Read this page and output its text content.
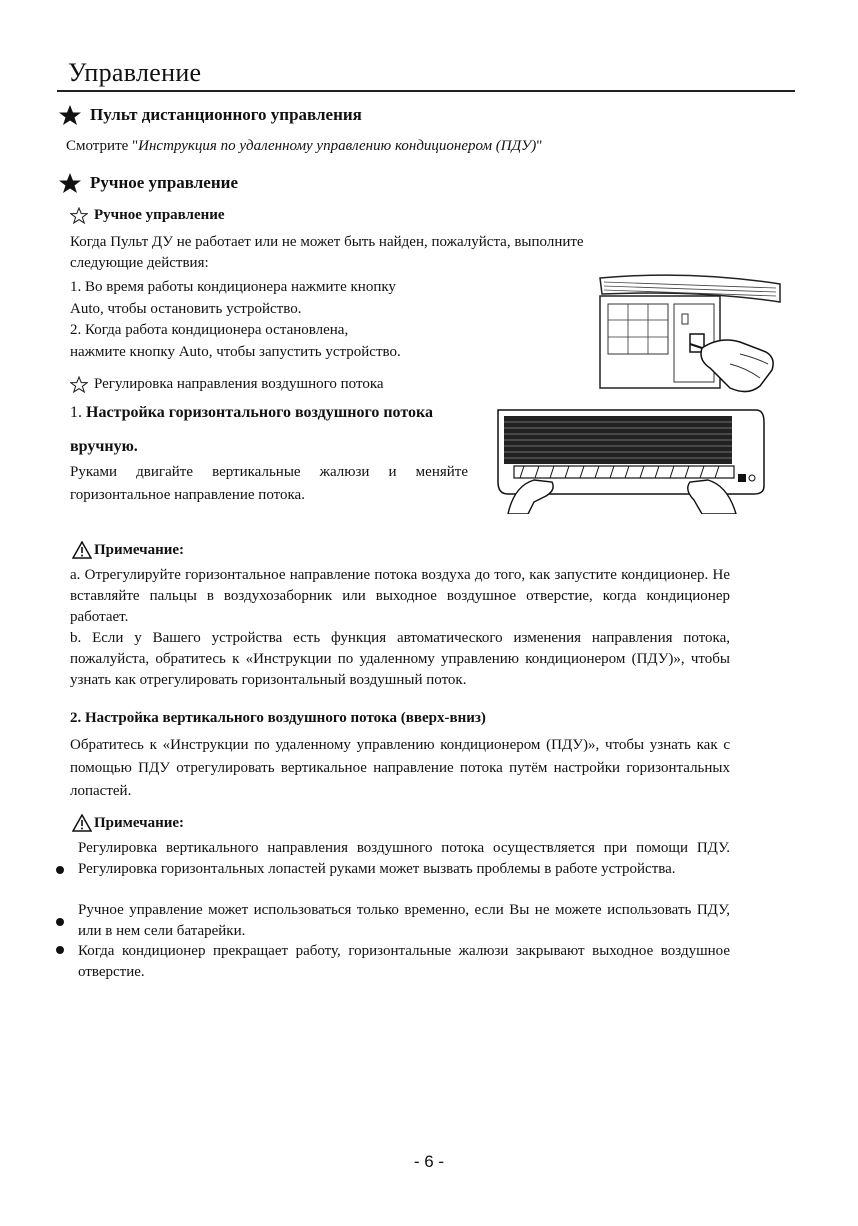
Управление
Пульт дистанционного управления
Смотрите "Инструкция по удаленному управлению кондиционером (ПДУ)"
Ручное управление
Ручное управление
Когда Пульт ДУ не работает или не может быть найден, пожалуйста, выполните
следующие действия:
1. Во время работы кондиционера нажмите кнопку
Auto, чтобы остановить устройство.
2. Когда работа кондиционера остановлена,
нажмите кнопку Auto, чтобы запустить устройство.
Регулировка направления воздушного потока
1. Настройка горизонтального воздушного потока
вручную.
Руками двигайте вертикальные жалюзи и меняйте
горизонтальное направление потока.
Примечание:
a. Отрегулируйте горизонтальное направление потока воздуха до того, как запустите кондиционер. Не вставляйте пальцы в воздухозаборник или выходное воздушное отверстие, когда кондиционер работает.
b. Если у Вашего устройства есть функция автоматического изменения направления потока, пожалуйста, обратитесь к «Инструкции по удаленному управлению кондиционером (ПДУ)», чтобы узнать как отрегулировать горизонтальный воздушный поток.
2. Настройка вертикального воздушного потока (вверх-вниз)
Обратитесь к «Инструкции по удаленному управлению кондиционером (ПДУ)», чтобы узнать как с помощью ПДУ отрегулировать вертикальное направление потока путём настройки горизонтальных лопастей.
Примечание:
Регулировка вертикального направления воздушного потока осуществляется при помощи ПДУ. Регулировка горизонтальных лопастей руками может вызвать проблемы в работе устройства.
Ручное управление может использоваться только временно, если Вы не можете использовать ПДУ, или в нем сели батарейки.
Когда кондиционер прекращает работу, горизонтальные жалюзи закрывают выходное воздушное отверстие.
- 6 -
